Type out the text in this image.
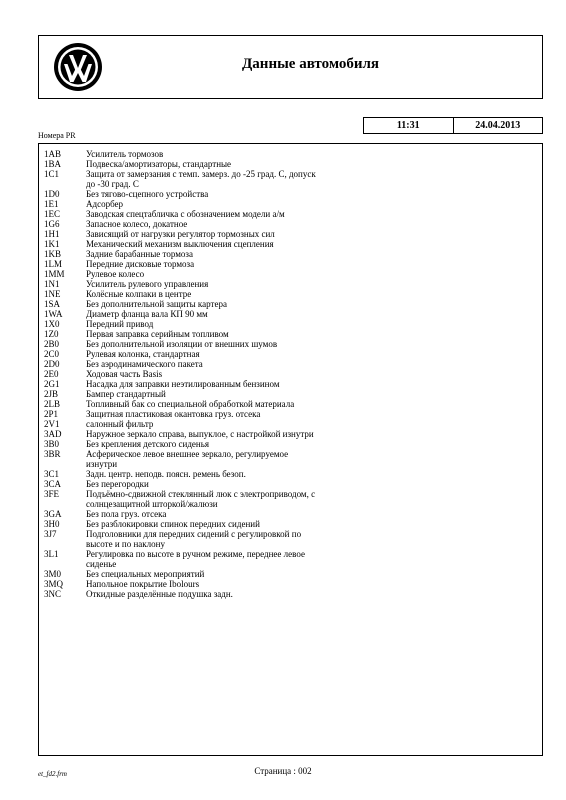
Данные автомобиля
11:31	24.04.2013
Номера PR
1AB	Усилитель тормозов
1BA	Подвеска/амортизаторы, стандартные
1C1	Защита от замерзания с темп. замерз. до -25 град. С, допуск до -30 град. С
1D0	Без тягово-сцепного устройства
1E1	Адсорбер
1EC	Заводская спецтабличка с обозначением модели а/м
1G6	Запасное колесо, докатное
1H1	Зависящий от нагрузки регулятор тормозных сил
1K1	Механический механизм выключения сцепления
1KB	Задние барабанные тормоза
1LM	Передние дисковые тормоза
1MM	Рулевое колесо
1N1	Усилитель рулевого управления
1NE	Колёсные колпаки в центре
1SA	Без дополнительной защиты картера
1WA	Диаметр фланца вала КП 90 мм
1X0	Передний привод
1Z0	Первая заправка серийным топливом
2B0	Без дополнительной изоляции от внешних шумов
2C0	Рулевая колонка, стандартная
2D0	Без аэродинамического пакета
2E0	Ходовая часть Basis
2G1	Насадка для заправки неэтилированным бензином
2JB	Бампер стандартный
2LB	Топливный бак со специальной обработкой материала
2P1	Защитная пластиковая окантовка груз. отсека
2V1	салонный фильтр
3AD	Наружное зеркало справа, выпуклое, с настройкой изнутри
3B0	Без крепления детского сиденья
3BR	Асферическое левое внешнее зеркало, регулируемое изнутри
3C1	Задн. центр. неподв. поясн. ремень безоп.
3CA	Без перегородки
3FE	Подъёмно-сдвижной стеклянный люк с электроприводом, с солнцезащитной шторкой/жалюзи
3GA	Без пола груз. отсека
3H0	Без разблокировки спинок передних сидений
3J7	Подголовники для передних сидений с регулировкой по высоте и по наклону
3L1	Регулировка по высоте в ручном режиме, переднее левое сиденье
3M0	Без специальных мероприятий
3MQ	Напольное покрытие Ibolours
3NC	Откидные разделённые подушка задн.
et_fd2.frm	Страница : 002
